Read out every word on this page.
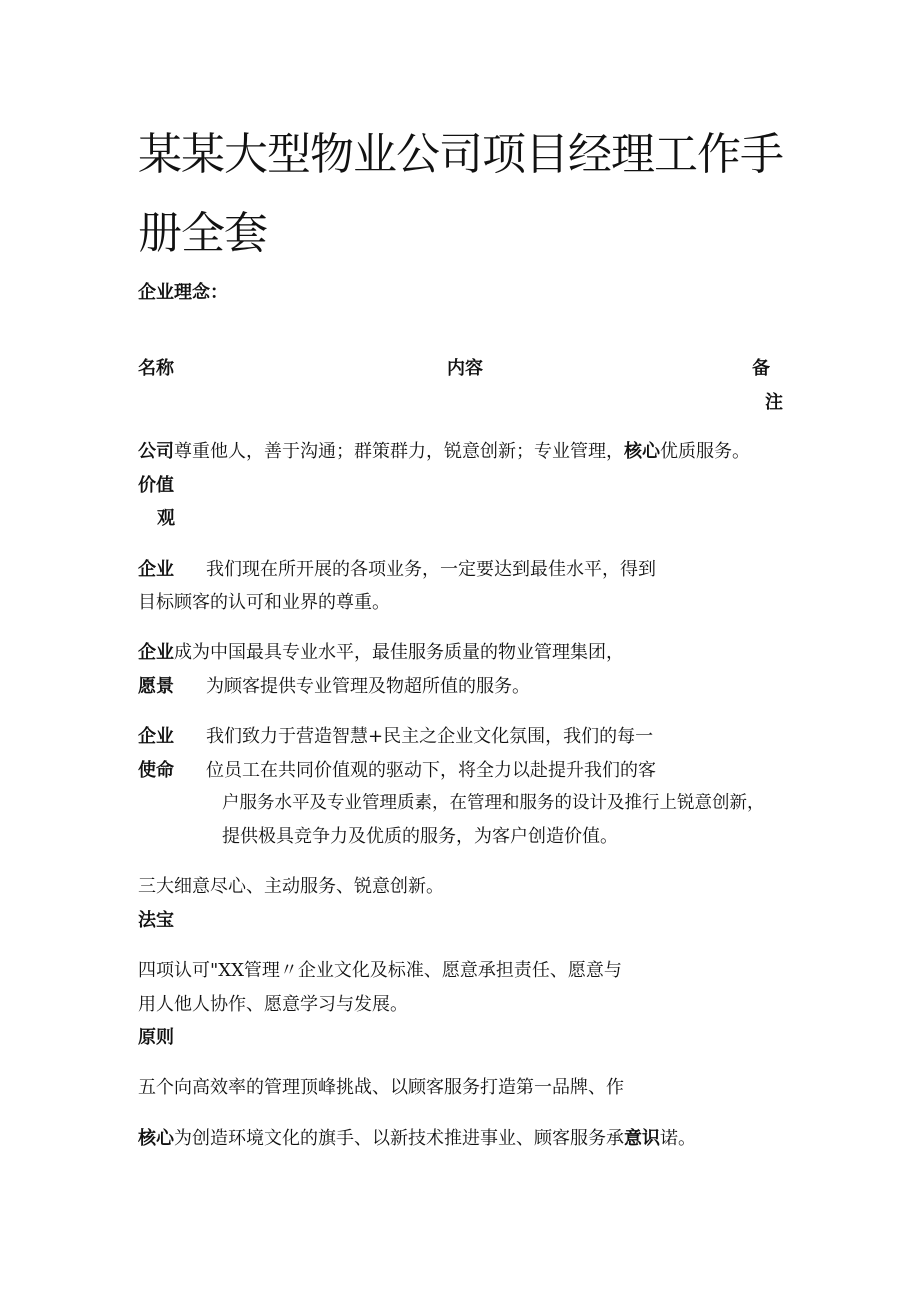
某某大型物业公司项目经理工作手
册全套
企业理念：
名称	内容	备
注
公司尊重他人，善于沟通；群策群力，锐意创新；专业管理，核心优质服务。
价值
观
企业 我们现在所开展的各项业务，一定要达到最佳水平，得到
目标顾客的认可和业界的尊重。
企业成为中国最具专业水平，最佳服务质量的物业管理集团，
愿景 为顾客提供专业管理及物超所值的服务。
企业 我们致力于营造智慧+民主之企业文化氛围，我们的每一
使命 位员工在共同价值观的驱动下，将全力以赴提升我们的客
户服务水平及专业管理质素，在管理和服务的设计及推行上锐意创新，
提供极具竞争力及优质的服务，为客户创造价值。
三大细意尽心、主动服务、锐意创新。
法宝
四项认可"XX管理〃企业文化及标准、愿意承担责任、愿意与
用人他人协作、愿意学习与发展。
原则
五个向高效率的管理顶峰挑战、以顾客服务打造第一品牌、作
核心为创造环境文化的旗手、以新技术推进事业、顾客服务承意识诺。
